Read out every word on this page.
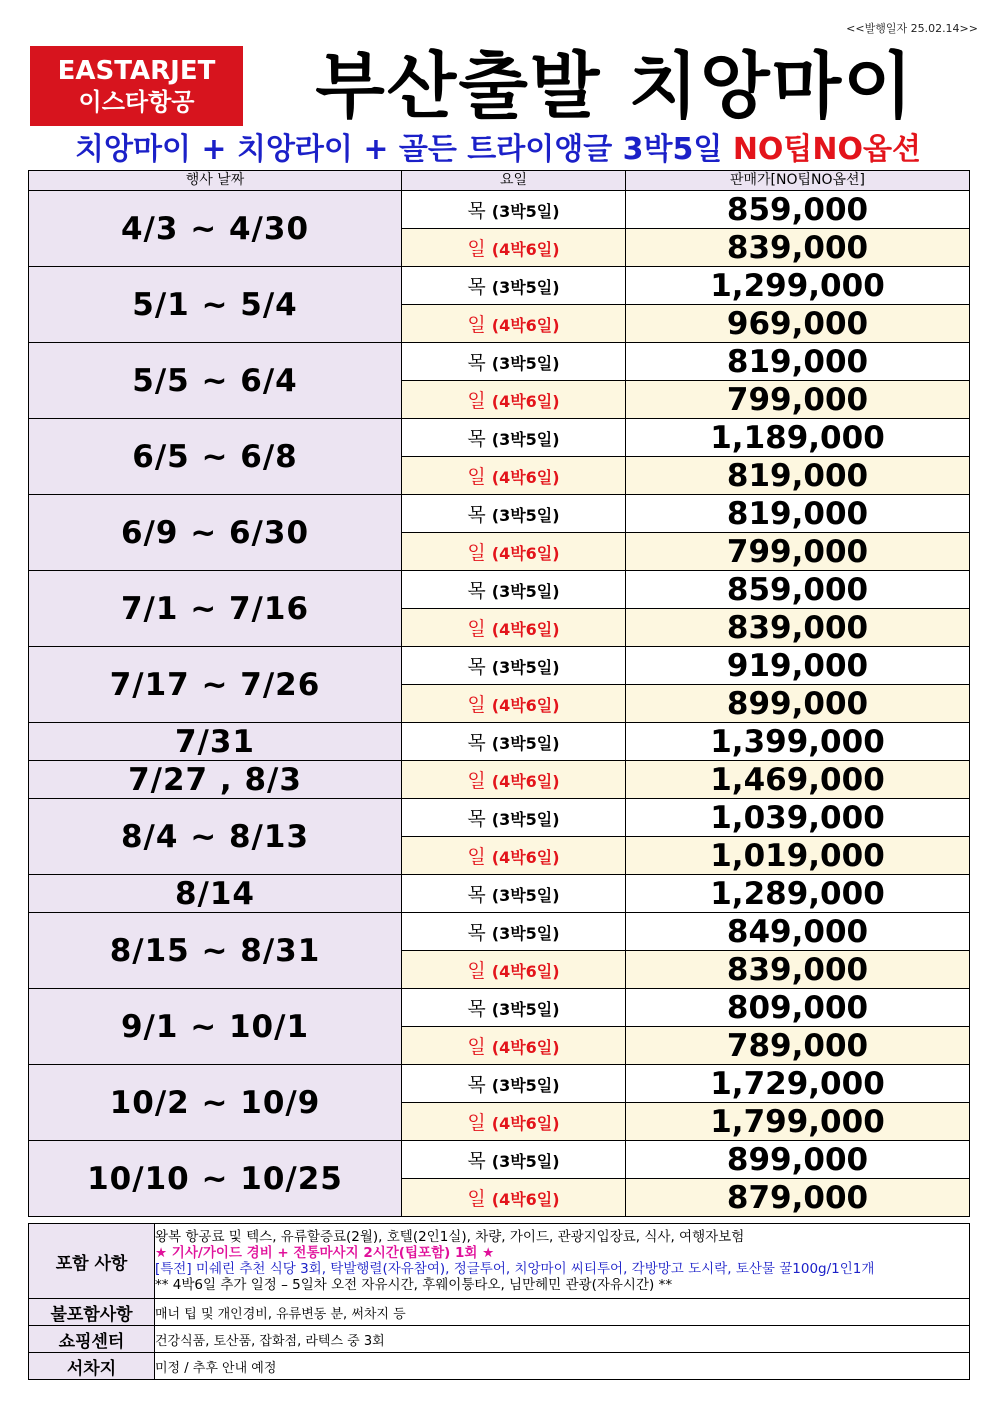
<<발행일자 25.02.14>>
EASTARJET
이스타항공	부산출발 치앙마이
치앙마이 + 치앙라이 + 골든 트라이앵글 3박5일 NO팁NO옵션
행사 날짜	요일	판매가[NO팁NO옵션]
4/3 ~ 4/30	목 (3박5일)	859,000
	일 (4박6일)	839,000
5/1 ~ 5/4	목 (3박5일)	1,299,000
	일 (4박6일)	969,000
5/5 ~ 6/4	목 (3박5일)	819,000
	일 (4박6일)	799,000
6/5 ~ 6/8	목 (3박5일)	1,189,000
	일 (4박6일)	819,000
6/9 ~ 6/30	목 (3박5일)	819,000
	일 (4박6일)	799,000
7/1 ~ 7/16	목 (3박5일)	859,000
	일 (4박6일)	839,000
7/17 ~ 7/26	목 (3박5일)	919,000
	일 (4박6일)	899,000
7/31	목 (3박5일)	1,399,000
7/27 , 8/3	일 (4박6일)	1,469,000
8/4 ~ 8/13	목 (3박5일)	1,039,000
	일 (4박6일)	1,019,000
8/14	목 (3박5일)	1,289,000
8/15 ~ 8/31	목 (3박5일)	849,000
	일 (4박6일)	839,000
9/1 ~ 10/1	목 (3박5일)	809,000
	일 (4박6일)	789,000
10/2 ~ 10/9	목 (3박5일)	1,729,000
	일 (4박6일)	1,799,000
10/10 ~ 10/25	목 (3박5일)	899,000
	일 (4박6일)	879,000
포함 사항	왕복 항공료 및 텍스, 유류할증료(2월), 호텔(2인1실), 차량, 가이드, 관광지입장료, 식사, 여행자보험
★ 기사/가이드 경비 + 전통마사지 2시간(팁포함) 1회 ★
[특전] 미쉐린 추천 식당 3회, 탁발행렬(자유참여), 정글투어, 치앙마이 씨티투어, 각방망고 도시락, 토산물 꿀100g/1인1개
** 4박6일 추가 일정 – 5일차 오전 자유시간, 후웨이퉁타오, 님만헤민 관광(자유시간) **

불포함사항	매너 팁 및 개인경비, 유류변동 분, 써차지 등
쇼핑센터	건강식품, 토산품, 잡화점, 라텍스 중 3회
서차지	미정 / 추후 안내 예정
